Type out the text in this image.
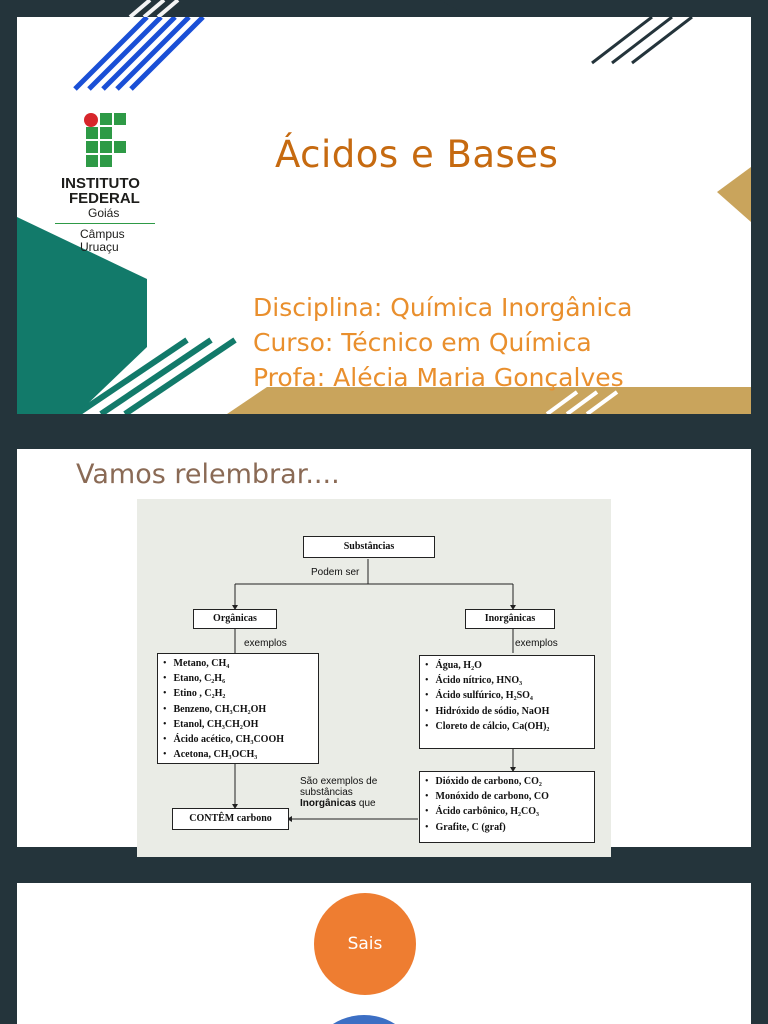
INSTITUTO
FEDERAL
Goiás
Câmpus
Uruaçu
Ácidos e Bases
Disciplina: Química Inorgânica
Curso: Técnico em Química
Profa: Alécia Maria Gonçalves
Vamos relembrar....
Substâncias
Podem ser
Orgânicas	Inorgânicas
exemplos	exemplos
• Metano, CH₄
• Etano, C₂H₆
• Etino , C₂H₂
• Benzeno, CH₃CH₂OH
• Etanol, CH₃CH₂OH
• Ácido acético, CH₃COOH
• Acetona, CH₃OCH₃
• Água, H₂O
• Ácido nítrico, HNO₃
• Ácido sulfúrico, H₂SO₄
• Hidróxido de sódio, NaOH
• Cloreto de cálcio, Ca(OH)₂
• Dióxido de carbono, CO₂
• Monóxido de carbono, CO
• Ácido carbônico, H₂CO₃
• Grafite, C (graf)
São exemplos de
substâncias
Inorgânicas que
CONTÊM carbono
Sais
